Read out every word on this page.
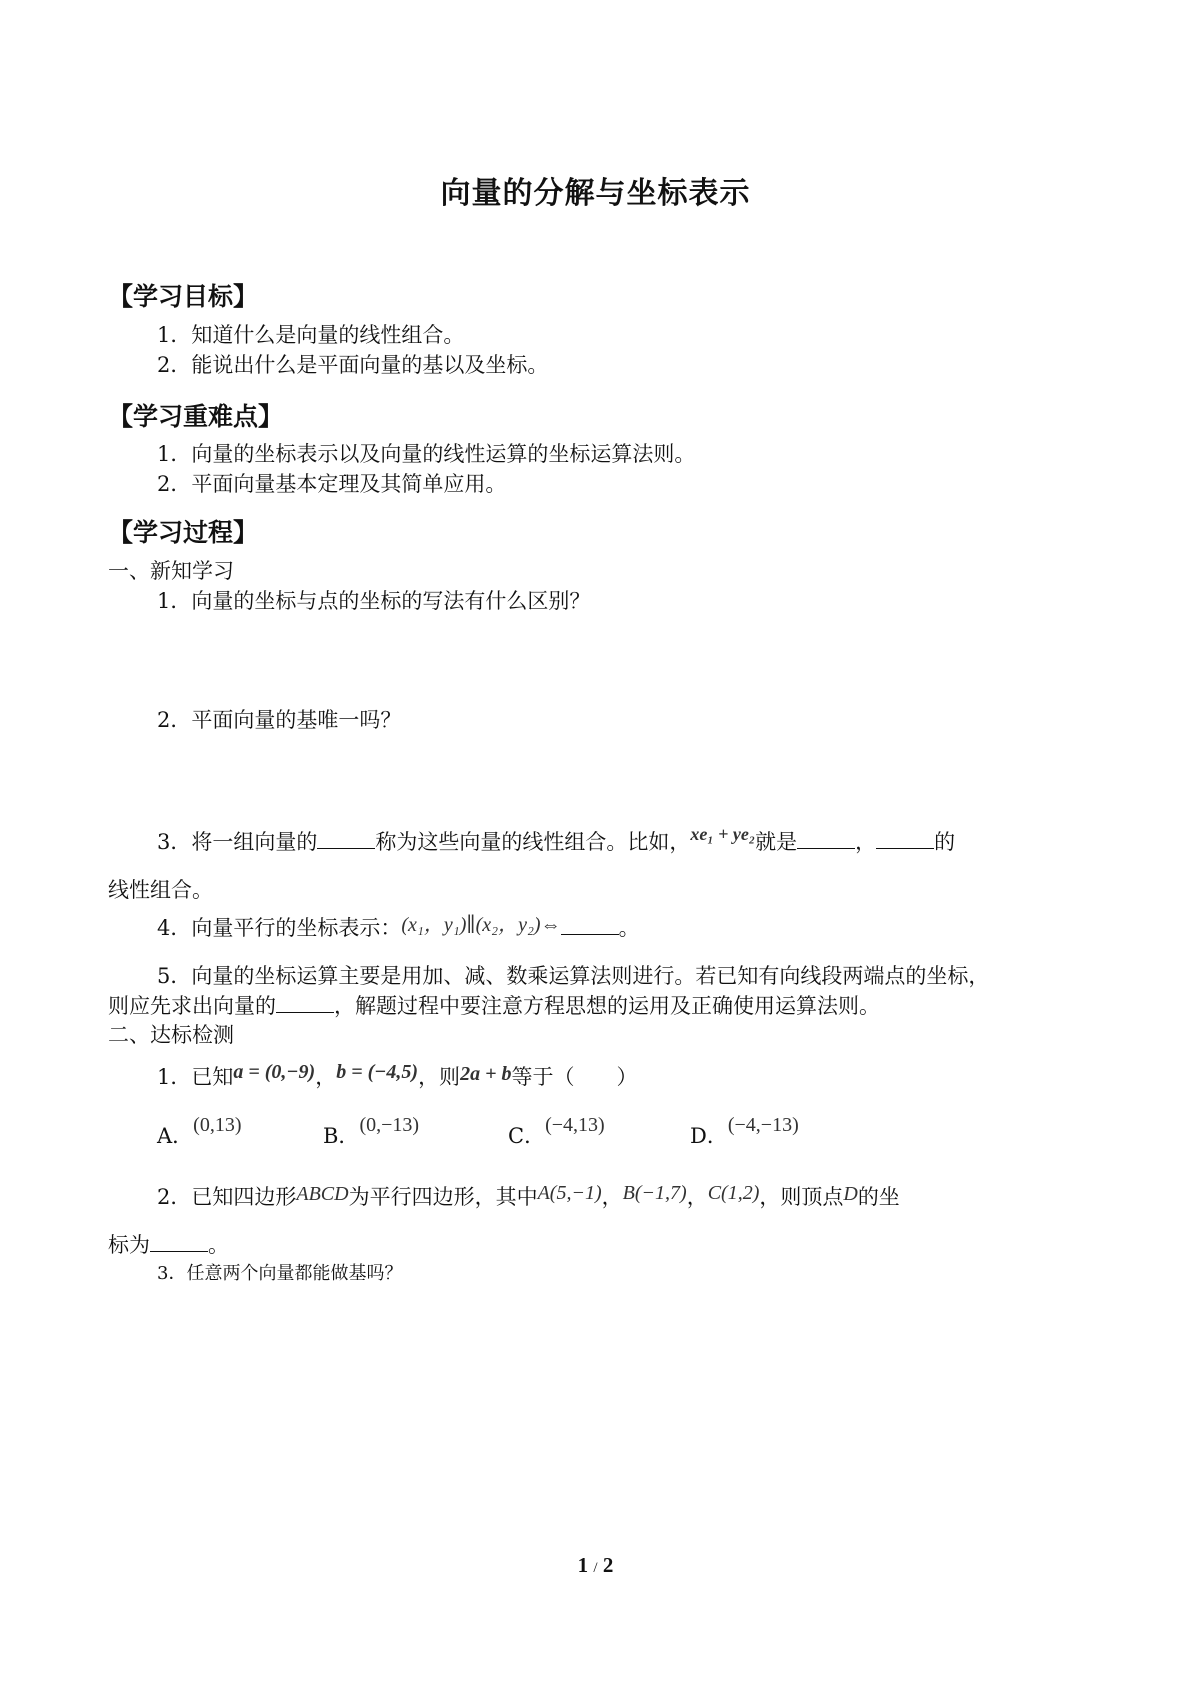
向量的分解与坐标表示
【学习目标】
1．知道什么是向量的线性组合。
2．能说出什么是平面向量的基以及坐标。
【学习重难点】
1．向量的坐标表示以及向量的线性运算的坐标运算法则。
2．平面向量基本定理及其简单应用。
【学习过程】
一、新知学习
1．向量的坐标与点的坐标的写法有什么区别？
2．平面向量的基唯一吗？
3．将一组向量的	称为这些向量的线性组合。比如，xe₁ + ye₂就是	，	的
线性组合。
4．向量平行的坐标表示：(x₁，y₁)∥(x₂，y₂)⇔	。
5．向量的坐标运算主要是用加、减、数乘运算法则进行。若已知有向线段两端点的坐标，
则应先求出向量的	，解题过程中要注意方程思想的运用及正确使用运算法则。
二、达标检测
1．已知a = (0,−9)，b = (−4,5)，则2a + b等于（　　）
A．(0,13)	B．(0,−13)	C．(−4,13)	D．(−4,−13)
2．已知四边形ABCD为平行四边形，其中A(5,−1)，B(−1,7)，C(1,2)，则顶点D的坐
标为	。
3．任意两个向量都能做基吗？
1 / 2
